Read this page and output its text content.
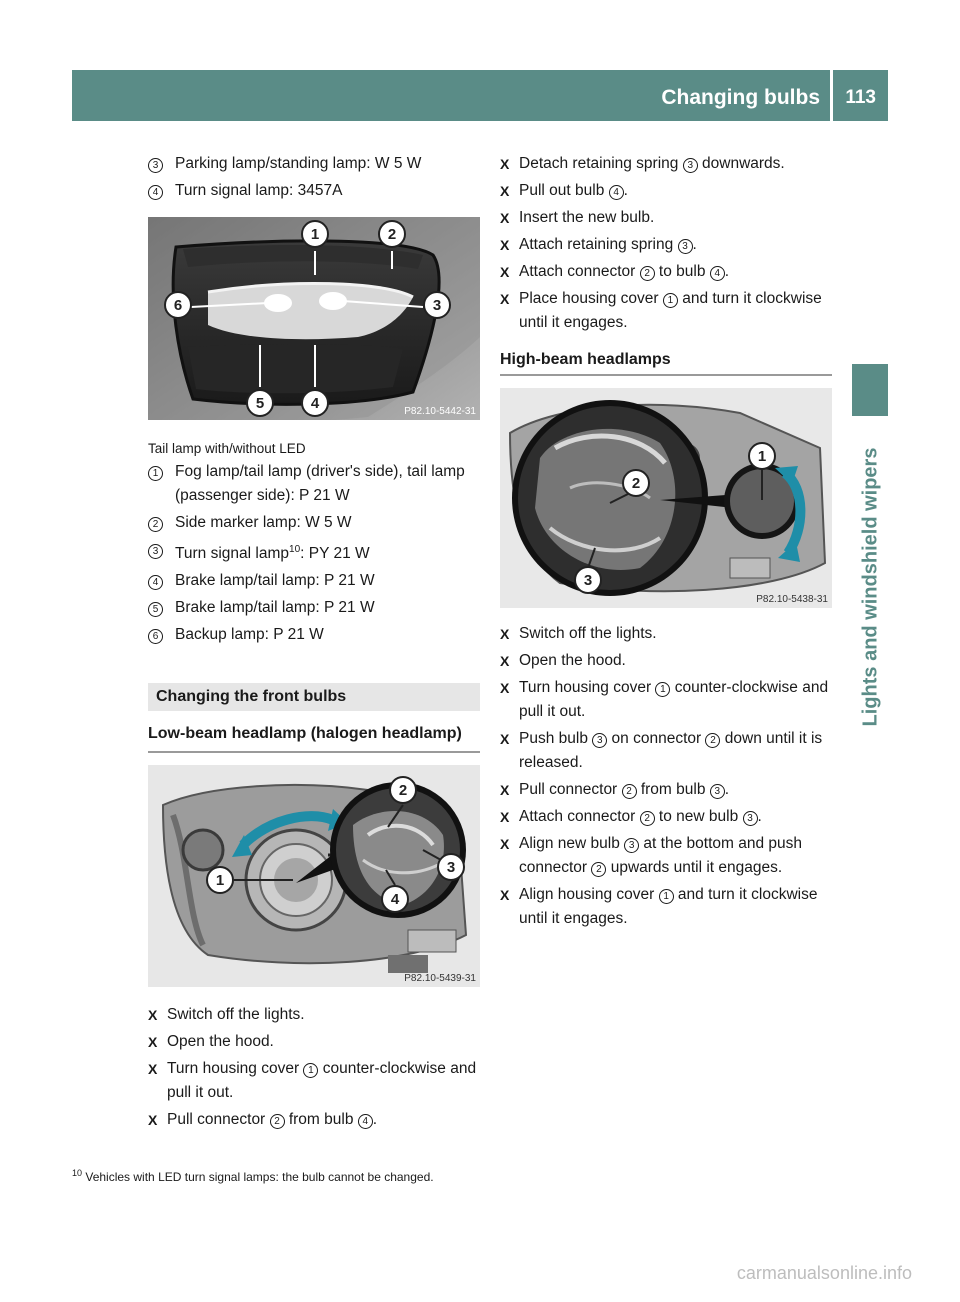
Changing bulbs 113
Lights and windshield wipers
3	Parking lamp/standing lamp: W 5 W
4	Turn signal lamp: 3457A
1	2
3
4
5
6
P82.10-5442-31
Tail lamp with/without LED
1	Fog lamp/tail lamp (driver's side), tail lamp (passenger side): P 21 W
2	Side marker lamp: W 5 W
3	Turn signal lamp$^{10}$: PY 21 W
4	Brake lamp/tail lamp: P 21 W
5	Brake lamp/tail lamp: P 21 W
6	Backup lamp: P 21 W
Changing the front bulbs
Low-beam headlamp (halogen headlamp)
1
2
3
4
P82.10-5439-31
X Switch off the lights.
X Open the hood.
X Turn housing cover 1 counter-clockwise and pull it out.
X Pull connector 2 from bulb 4 .
X Detach retaining spring 3 downwards.
X Pull out bulb 4 .
X Insert the new bulb.
X Attach retaining spring 3 .
X Attach connector 2 to bulb 4 .
X Place housing cover 1 and turn it clockwise until it engages.
High-beam headlamps
1
2
3
P82.10-5438-31
X Switch off the lights.
X Open the hood.
X Turn housing cover 1 counter-clockwise and pull it out.
X Push bulb 3 on connector 2 down until it is released.
X Pull connector 2 from bulb 3 .
X Attach connector 2 to new bulb 3 .
X Align new bulb 3 at the bottom and push connector 2 upwards until it engages.
X Align housing cover 1 and turn it clockwise until it engages.
$^{10}$ Vehicles with LED turn signal lamps: the bulb cannot be changed.
carmanualsonline.info
